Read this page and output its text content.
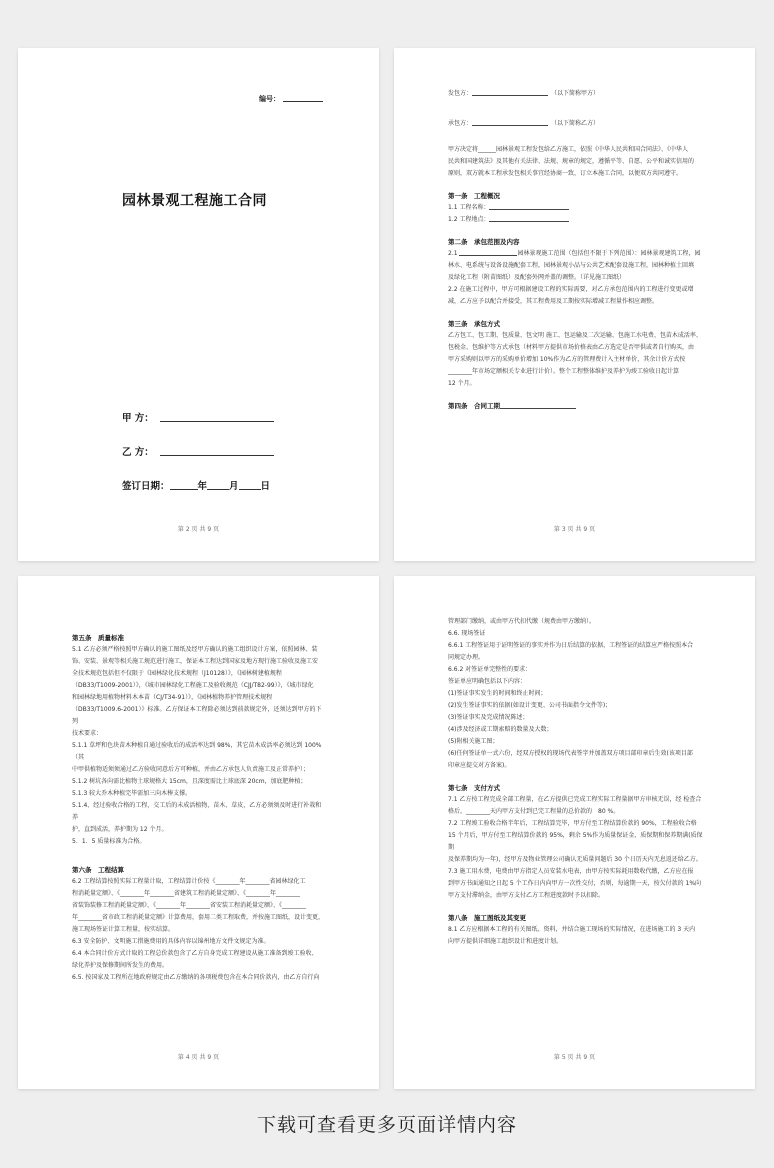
编号：
园林景观工程施工合同
甲 方：
乙 方：
签订日期：	年 月 日
第 2 页 共 9 页

发包方：　	（以下简称甲方）

承包方：　	（以下简称乙方）

甲方决定将______园林景观工程发包给乙方施工，依照《中华人民共和国合同法》、《中华人

民共和国建筑法》及其他有关法律、法规、规章的规定，遵循平等、自愿、公平和诚实信用的

原则，双方就本工程承发包相关事宜经协商一致，订立本施工合同，以便双方共同遵守。

第一条　工程概况

1.1 工程名称：

1.2 工程地点：

第二条　承包范围及内容

2.1	园林景观施工范围（包括但不限于下列范围）：园林景观建筑工程，园

林水、电系统与设备设施配套工程，园林景观小品与公共艺术配套设施工程，园林种植土回填

及绿化工程（附苗图纸）及配套外网并盖的调整。（详见施工图纸）

2.2 在施工过程中，甲方可根据建设工程的实际需要，对乙方承包范围内的工程进行变更或增

减，乙方应予以配合并接受，其工程费用及工期按实际增减工程量作相应调整。

第三条　承包方式

乙方包工、包工期、包质量、包文明 施工、包运输及二次运输、包施工水电费、包苗木成活率、

包税金、包维护等方式承包（材料甲方提供市场价格表由乙方选定是否甲供或者自行购买，由

甲方采购则以甲方的采购单价增加 10%作为乙方的管理费计入主材单价，其余计价方式按

________年市场定额相关专业进行计价）。整个工程整体维护及养护为竣工验收日起计算

12 个月。

第四条　合同工期

第 3 页 共 9 页

第五条　质量标准

5.1 乙方必须严格按照甲方确认的施工图纸及经甲方确认的施工组织设计方案，依照园林、装

饰、安装、景观等相关施工规范进行施工，保证本工程达到国家及地方现行施工验收及施工安

全技术规范包括但不仅限于《园林绿化技术规程（J10128）》，《园林树建植规程

（DB33/T1009-2001）》，《城市园林绿化工程施工及验收规范（CJJ/T82-99）》，《城市绿化

和园林绿地用植物材料木本苗（CJ/T34-91）》，《园林植物养护管理技术规程

（DB33/T1009.6-2001）》标准。乙方保证本工程除必须达到前款规定外，还须达到甲方的下列

技术要求：

5.1.1 草坪和色块苗木种植自通过验收后的成活率达到 98%，其它苗木成活率必须达到 100%（其

中甲供植物适须须通过乙方验收同意后方可种植，并由乙方承包人负责施工及正常养护）；

5.1.2 树坑各向需比植物土球规格大 15cm，且深度需比土球底深 20cm，加底肥种植；

5.1.3 较大乔木种植完毕需加三向木棒支撑。

5.1.4、经过验收合格的工程，交工后的未成活植物，苗木、草皮，乙方必须须及时进行补栽和养

护，直到成活，养护期为 12 个月。

5．1．5 质量标准为合格。

第六条　工程结算

6.2 工程结算按照实际工程量计取，工程结算计价按《________年________省园林绿化工

程消耗量定额》、《________年________省建筑工程消耗量定额》、《________年________

省装饰装修工程消耗量定额》、《________年________省安装工程消耗量定额》、《________

年________省市政工程消耗量定额》计算费用，套用二类工程取费，并按施工图纸，设计变更，

施工现场签证计算工程量，按实结算。

6.3 安全防护、文明施工措施费用的具体内容以锦州地方文件文规定为准。

6.4 本合同计价方式计取的工程总价款包含了乙方自身完成工程建设从施工准备到竣工验收、

绿化养护及保修期间所发生的费用。

6.5. 按国家及工程所在地政府规定由乙方缴纳的各项税费包含在本合同价款内，由乙方自行向

第 4 页 共 9 页

管理部门缴纳，或由甲方代扣代缴（规费由甲方缴纳）。

6.6. 现场签证

6.6.1 工程签证用于证明签证的事实并作为日后结算的依据，工程签证的结算应严格按照本合

同规定办理。

6.6.2 对签证单完整性的要求：

签证单应明确包括以下内容：

(1)签证事实发生的时间和终止时间；

(2)发生签证事实的依据(如设计变更、公司书面指令文件等)；

(3)签证事实及完成情况陈述；

(4)涉及经济或工期索赔的数量及大数；

(5)附相关施工图；

(6)任何签证单一式六份，经双方授权的现场代表签字并加盖双方项目部印章后生效(该项目部

印章应提交对方备案)。

第七条　支付方式

7.1 乙方按工程完成全部工程量，在乙方提供已完成工程实际工程量据甲方审核无误，经 检查合

格后，________天内甲方支付到已完工程量的总价款的　80 %。

7.2 工程竣工验收合格半年后，工程结算完毕，甲方付至工程结算价款的 90%，工程验收合格

15 个月后，甲方付至工程结算价款的 95%，剩余 5%作为质量保证金，质保期和保养期满(质保期

及保养期均为一年)，经甲方及物业管理公司确认无质量问题后 30 个日历天内无息返还给乙方。

7.3 施工用水费，电费由甲方指定人员安装水电表，由甲方按实际耗用数收代缴，乙方应在报

到甲方书面通知之日起 5 个工作日内向甲方一次性交付，否则，每逾期一天，按欠付款的 1%向

甲方支付滞纳金，由甲方支付乙方工程进度款时予以扣除。

第八条　施工图纸及其变更

8.1 乙方应根据本工程的有关图纸、资料，并结合施工现场的实际情况，在进场施工的 3 天内

向甲方提供详细施工组织设计和进度计划。

第 5 页 共 9 页
下载可查看更多页面详情内容
